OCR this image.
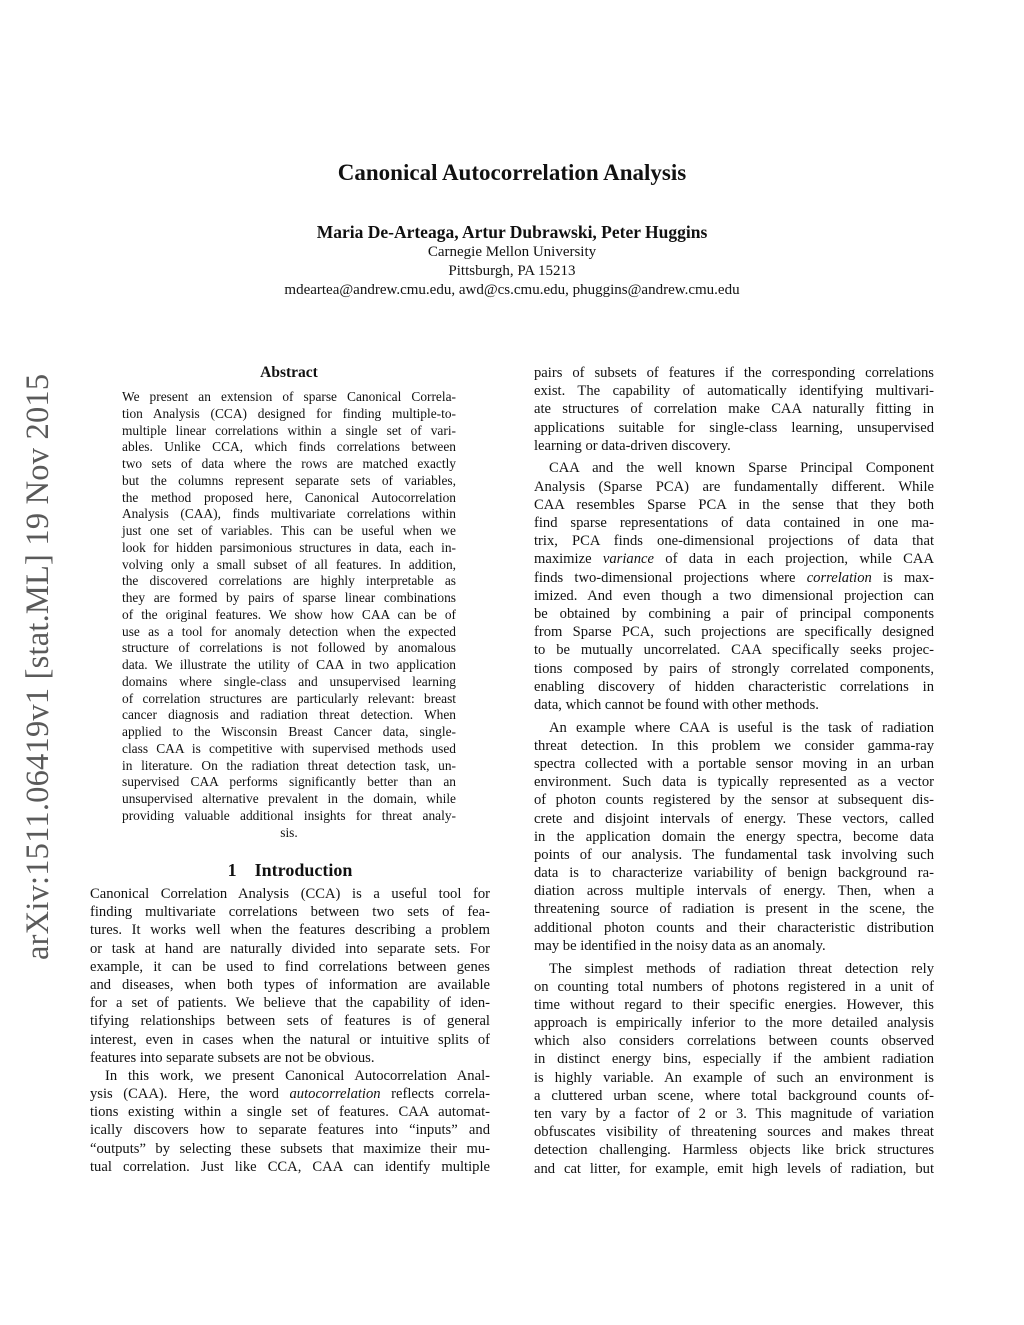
arXiv:1511.06419v1 [stat.ML] 19 Nov 2015
Canonical Autocorrelation Analysis
Maria De-Arteaga, Artur Dubrawski, Peter Huggins
Carnegie Mellon University
Pittsburgh, PA 15213
mdeartea@andrew.cmu.edu, awd@cs.cmu.edu, phuggins@andrew.cmu.edu
Abstract
We present an extension of sparse Canonical Correla-
tion Analysis (CCA) designed for finding multiple-to-
multiple linear correlations within a single set of vari-
ables. Unlike CCA, which finds correlations between
two sets of data where the rows are matched exactly
but the columns represent separate sets of variables,
the method proposed here, Canonical Autocorrelation
Analysis (CAA), finds multivariate correlations within
just one set of variables. This can be useful when we
look for hidden parsimonious structures in data, each in-
volving only a small subset of all features. In addition,
the discovered correlations are highly interpretable as
they are formed by pairs of sparse linear combinations
of the original features. We show how CAA can be of
use as a tool for anomaly detection when the expected
structure of correlations is not followed by anomalous
data. We illustrate the utility of CAA in two application
domains where single-class and unsupervised learning
of correlation structures are particularly relevant: breast
cancer diagnosis and radiation threat detection. When
applied to the Wisconsin Breast Cancer data, single-
class CAA is competitive with supervised methods used
in literature. On the radiation threat detection task, un-
supervised CAA performs significantly better than an
unsupervised alternative prevalent in the domain, while
providing valuable additional insights for threat analy-
sis.
1 Introduction
Canonical Correlation Analysis (CCA) is a useful tool for
finding multivariate correlations between two sets of fea-
tures. It works well when the features describing a problem
or task at hand are naturally divided into separate sets. For
example, it can be used to find correlations between genes
and diseases, when both types of information are available
for a set of patients. We believe that the capability of iden-
tifying relationships between sets of features is of general
interest, even in cases when the natural or intuitive splits of
features into separate subsets are not be obvious.
In this work, we present Canonical Autocorrelation Anal-
ysis (CAA). Here, the word autocorrelation reflects correla-
tions existing within a single set of features. CAA automat-
ically discovers how to separate features into “inputs” and
“outputs” by selecting these subsets that maximize their mu-
tual correlation. Just like CCA, CAA can identify multiple
pairs of subsets of features if the corresponding correlations
exist. The capability of automatically identifying multivari-
ate structures of correlation make CAA naturally fitting in
applications suitable for single-class learning, unsupervised
learning or data-driven discovery.
CAA and the well known Sparse Principal Component
Analysis (Sparse PCA) are fundamentally different. While
CAA resembles Sparse PCA in the sense that they both
find sparse representations of data contained in one ma-
trix, PCA finds one-dimensional projections of data that
maximize variance of data in each projection, while CAA
finds two-dimensional projections where correlation is max-
imized. And even though a two dimensional projection can
be obtained by combining a pair of principal components
from Sparse PCA, such projections are specifically designed
to be mutually uncorrelated. CAA specifically seeks projec-
tions composed by pairs of strongly correlated components,
enabling discovery of hidden characteristic correlations in
data, which cannot be found with other methods.
An example where CAA is useful is the task of radiation
threat detection. In this problem we consider gamma-ray
spectra collected with a portable sensor moving in an urban
environment. Such data is typically represented as a vector
of photon counts registered by the sensor at subsequent dis-
crete and disjoint intervals of energy. These vectors, called
in the application domain the energy spectra, become data
points of our analysis. The fundamental task involving such
data is to characterize variability of benign background ra-
diation across multiple intervals of energy. Then, when a
threatening source of radiation is present in the scene, the
additional photon counts and their characteristic distribution
may be identified in the noisy data as an anomaly.
The simplest methods of radiation threat detection rely
on counting total numbers of photons registered in a unit of
time without regard to their specific energies. However, this
approach is empirically inferior to the more detailed analysis
which also considers correlations between counts observed
in distinct energy bins, especially if the ambient radiation
is highly variable. An example of such an environment is
a cluttered urban scene, where total background counts of-
ten vary by a factor of 2 or 3. This magnitude of variation
obfuscates visibility of threatening sources and makes threat
detection challenging. Harmless objects like brick structures
and cat litter, for example, emit high levels of radiation, but
